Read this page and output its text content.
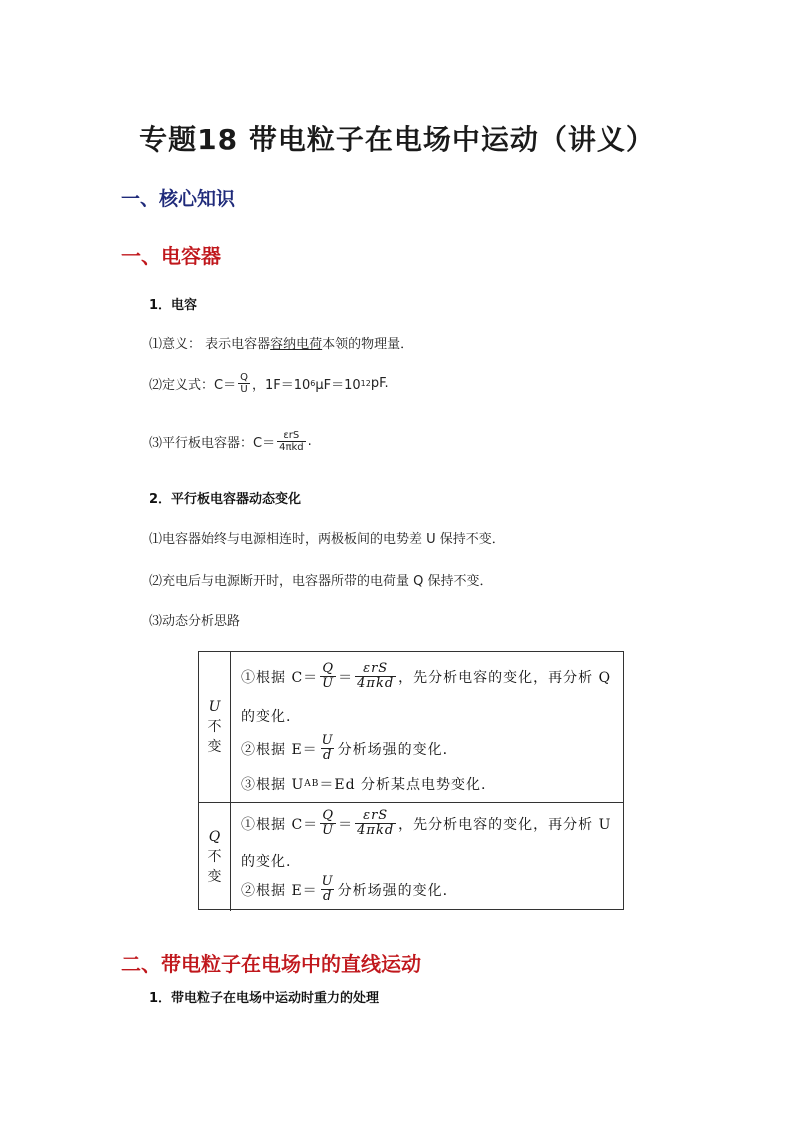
专题18 带电粒子在电场中运动（讲义）
一、核心知识
一、电容器
1．电容
⑴意义： 表示电容器 容纳电荷 本领的物理量．
⑵定义式：$C= \frac{Q}{U}$ ，1F＝10 6 μF＝10 12 pF.
⑶平行板电容器：$C= \frac{\text{εrS}}{\text{4πkd}}$ .
2．平行板电容器动态变化
⑴电容器始终与电源相连时，两极板间的电势差 U 保持不变．
⑵充电后与电源断开时，电容器所带的电荷量 Q 保持不变．
⑶动态分析思路
U
不
变
①根据 $C= \frac{Q}{U} = \frac{\text{εrS}}{\text{4πkd}}$ ，先分析电容的变化，再分析 Q
的变化.
②根据 $E= \frac{U}{d}$ 分析场强的变化.
③根据 U AB ＝Ed 分析某点电势变化.
Q
不
变
①根据 $C= \frac{Q}{U} = \frac{\text{εrS}}{\text{4πkd}}$ ，先分析电容的变化，再分析 U
的变化.
②根据 $E= \frac{U}{d}$ 分析场强的变化.
二、带电粒子在电场中的直线运动
1．带电粒子在电场中运动时重力的处理
